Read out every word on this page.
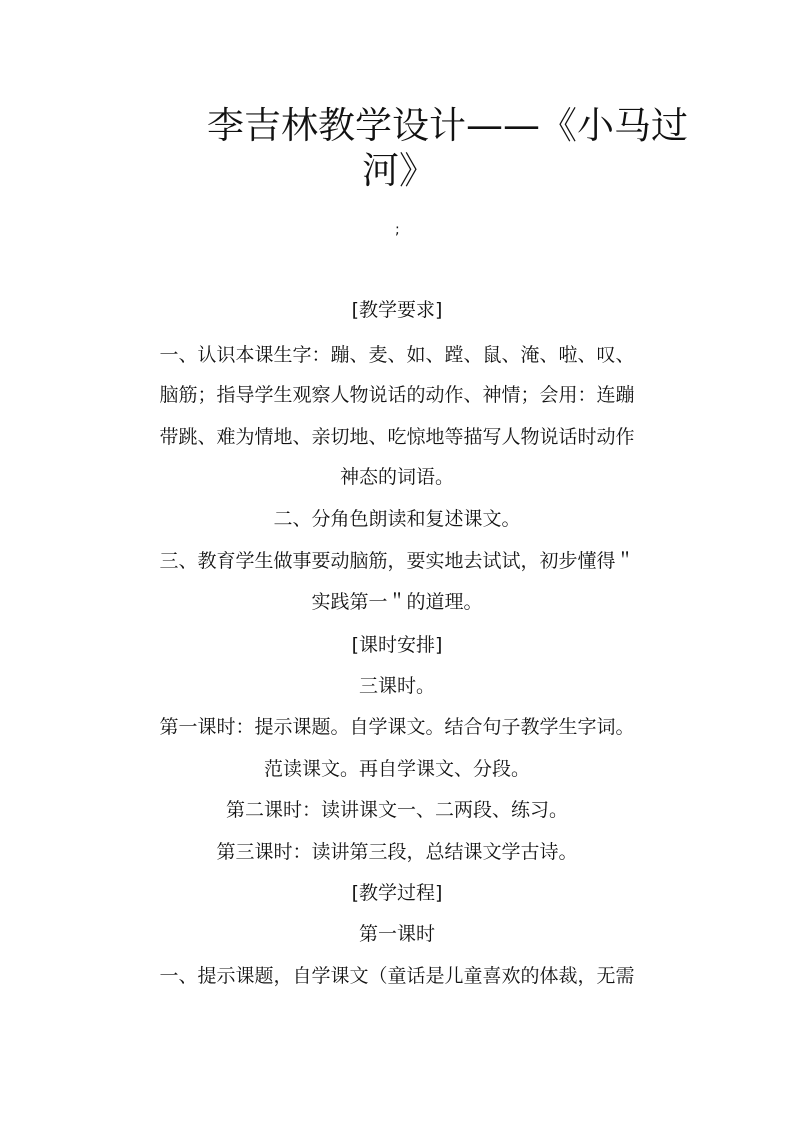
李吉林教学设计——《小马过
河》
;
[教学要求]
一、认识本课生字：蹦、麦、如、蹚、鼠、淹、啦、叹、
脑筋；指导学生观察人物说话的动作、神情；会用：连蹦
带跳、难为情地、亲切地、吃惊地等描写人物说话时动作
神态的词语。
二、分角色朗读和复述课文。
三、教育学生做事要动脑筋，要实地去试试，初步懂得＂
实践第一＂的道理。
[课时安排]
三课时。
第一课时：提示课题。自学课文。结合句子教学生字词。
范读课文。再自学课文、分段。
第二课时：读讲课文一、二两段、练习。
第三课时：读讲第三段，总结课文学古诗。
[教学过程]
第一课时
一、提示课题，自学课文（童话是儿童喜欢的体裁，无需
